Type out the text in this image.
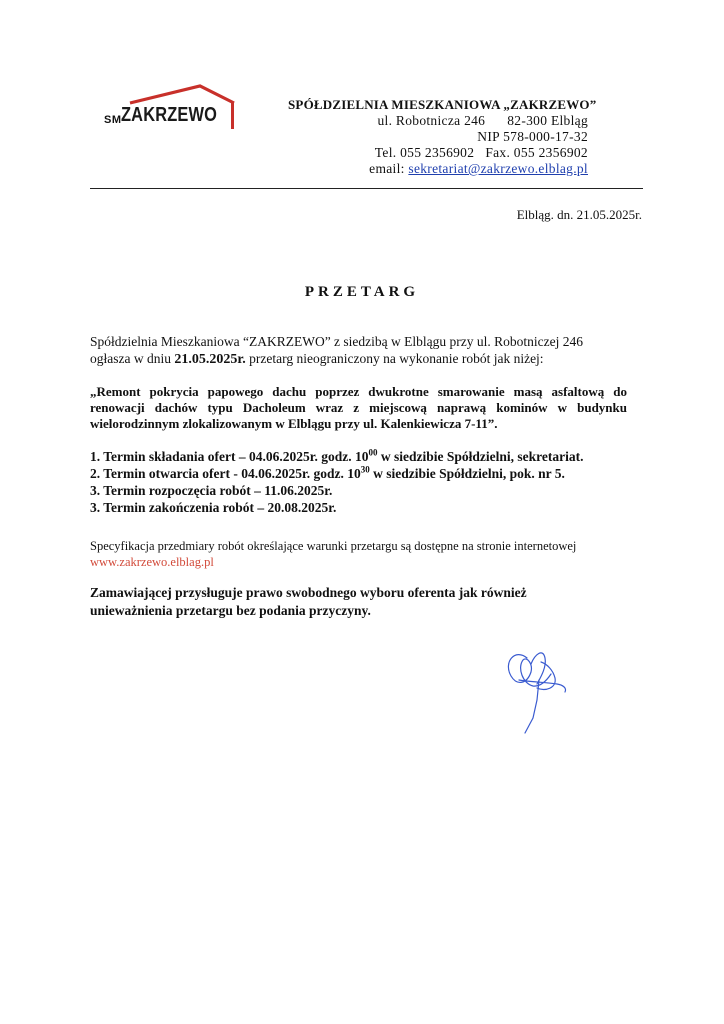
SM ZAKRZEWO	SPÓŁDZIELNIA MIESZKANIOWA „ZAKRZEWO”
ul. Robotnicza 246 82-300 Elbląg
NIP 578-000-17-32
Tel. 055 2356902 Fax. 055 2356902
email: sekretariat@zakrzewo.elblag.pl
Elbląg. dn. 21.05.2025r.
PRZETARG
Spółdzielnia Mieszkaniowa “ZAKRZEWO” z siedzibą w Elblągu przy ul. Robotniczej 246
ogłasza w dniu 21.05.2025r. przetarg nieograniczony na wykonanie robót jak niżej:
„Remont pokrycia papowego dachu poprzez dwukrotne smarowanie masą asfaltową do renowacji dachów typu Dacholeum wraz z miejscową naprawą kominów w budynku wielorodzinnym zlokalizowanym w Elblągu przy ul. Kalenkiewicza 7-11”.
1. Termin składania ofert – 04.06.2025r. godz. $10^{00}$ w siedzibie Spółdzielni, sekretariat.
2. Termin otwarcia ofert - 04.06.2025r. godz. $10^{30}$ w siedzibie Spółdzielni, pok. nr 5.
3. Termin rozpoczęcia robót – 11.06.2025r.
3. Termin zakończenia robót – 20.08.2025r.
Specyfikacja przedmiary robót określające warunki przetargu są dostępne na stronie internetowej
www.zakrzewo.elblag.pl
Zamawiającej przysługuje prawo swobodnego wyboru oferenta jak również unieważnienia przetargu bez podania przyczyny.
